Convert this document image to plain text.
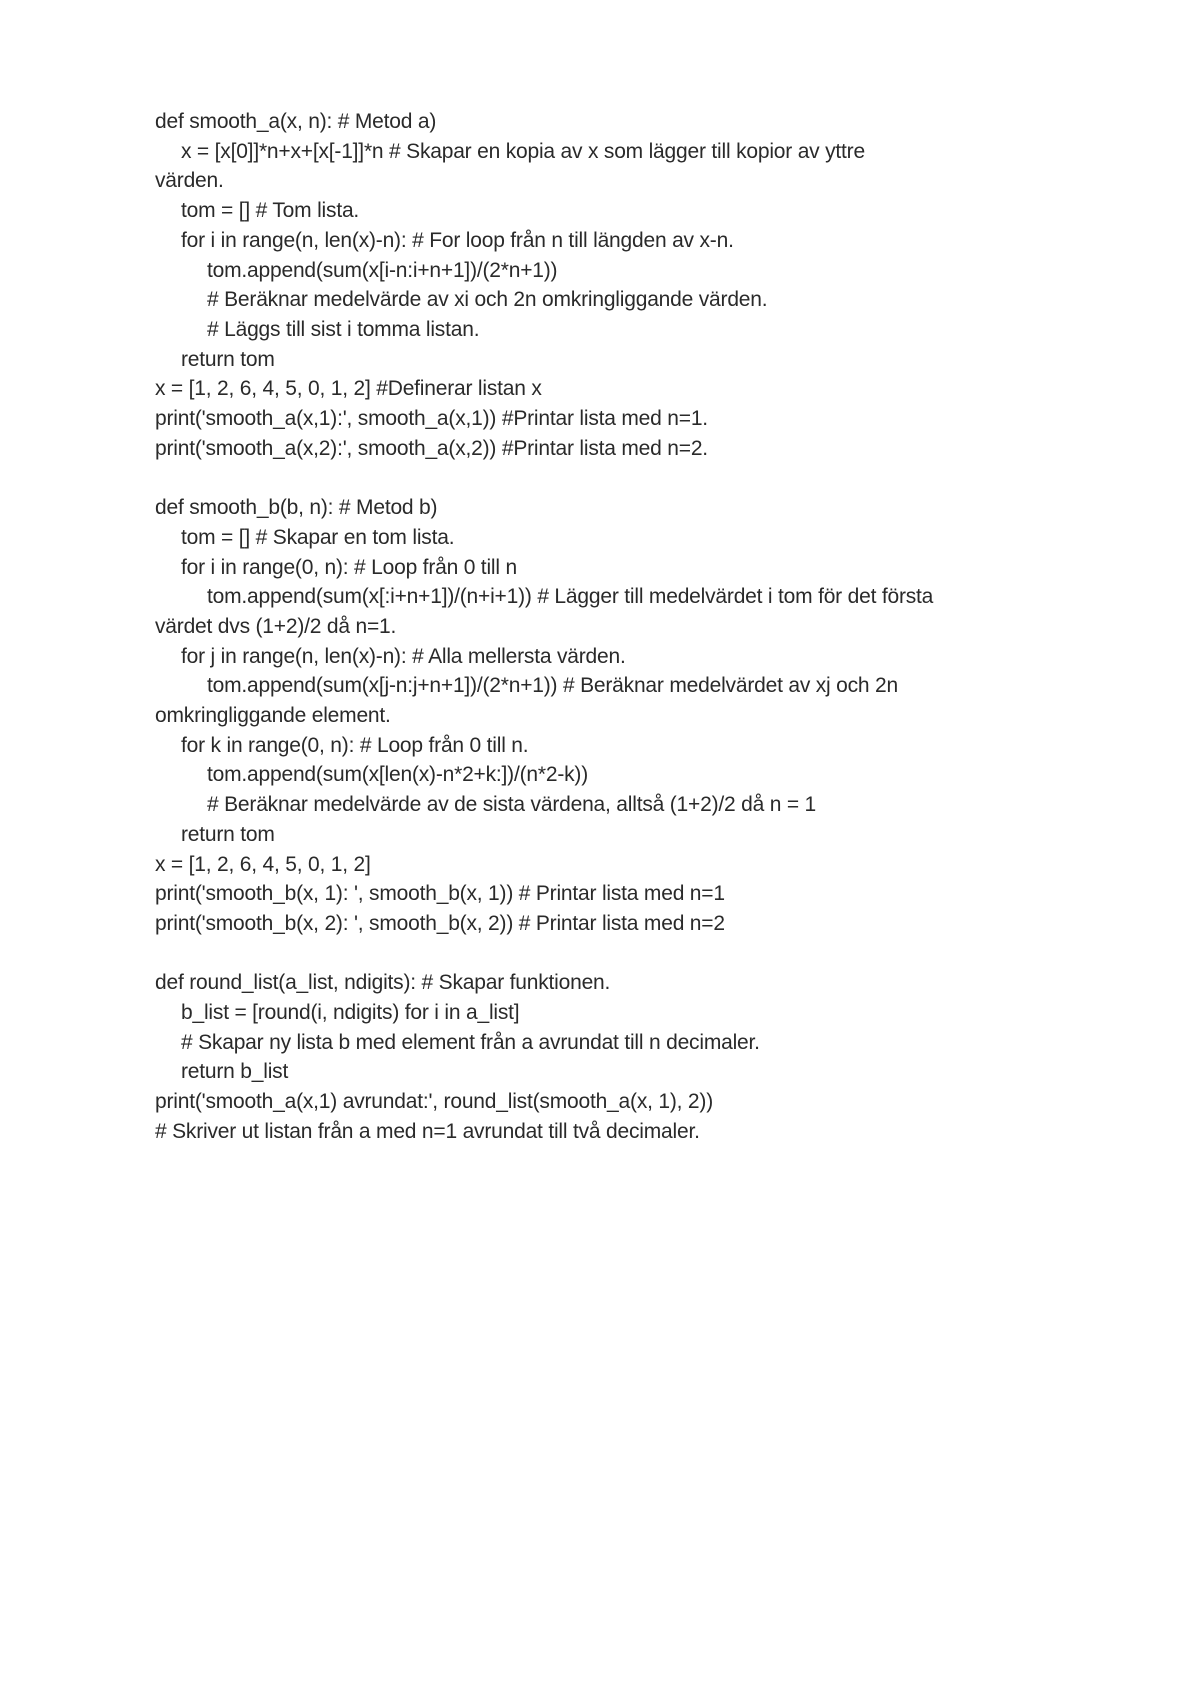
def smooth_a(x, n): # Metod a)
x = [x[0]]*n+x+[x[-1]]*n # Skapar en kopia av x som lägger till kopior av yttre
värden.
tom = [] # Tom lista.
for i in range(n, len(x)-n): # For loop från n till längden av x-n.
tom.append(sum(x[i-n:i+n+1])/(2*n+1))
# Beräknar medelvärde av xi och 2n omkringliggande värden.
# Läggs till sist i tomma listan.
return tom
x = [1, 2, 6, 4, 5, 0, 1, 2] #Definerar listan x
print('smooth_a(x,1):', smooth_a(x,1)) #Printar lista med n=1.
print('smooth_a(x,2):', smooth_a(x,2)) #Printar lista med n=2.
def smooth_b(b, n): # Metod b)
tom = [] # Skapar en tom lista.
for i in range(0, n): # Loop från 0 till n
tom.append(sum(x[:i+n+1])/(n+i+1)) # Lägger till medelvärdet i tom för det första
värdet dvs (1+2)/2 då n=1.
for j in range(n, len(x)-n): # Alla mellersta värden.
tom.append(sum(x[j-n:j+n+1])/(2*n+1)) # Beräknar medelvärdet av xj och 2n
omkringliggande element.
for k in range(0, n): # Loop från 0 till n.
tom.append(sum(x[len(x)-n*2+k:])/(n*2-k))
# Beräknar medelvärde av de sista värdena, alltså (1+2)/2 då n = 1
return tom
x = [1, 2, 6, 4, 5, 0, 1, 2]
print('smooth_b(x, 1): ', smooth_b(x, 1)) # Printar lista med n=1
print('smooth_b(x, 2): ', smooth_b(x, 2)) # Printar lista med n=2
def round_list(a_list, ndigits): # Skapar funktionen.
b_list = [round(i, ndigits) for i in a_list]
# Skapar ny lista b med element från a avrundat till n decimaler.
return b_list
print('smooth_a(x,1) avrundat:', round_list(smooth_a(x, 1), 2))
# Skriver ut listan från a med n=1 avrundat till två decimaler.
